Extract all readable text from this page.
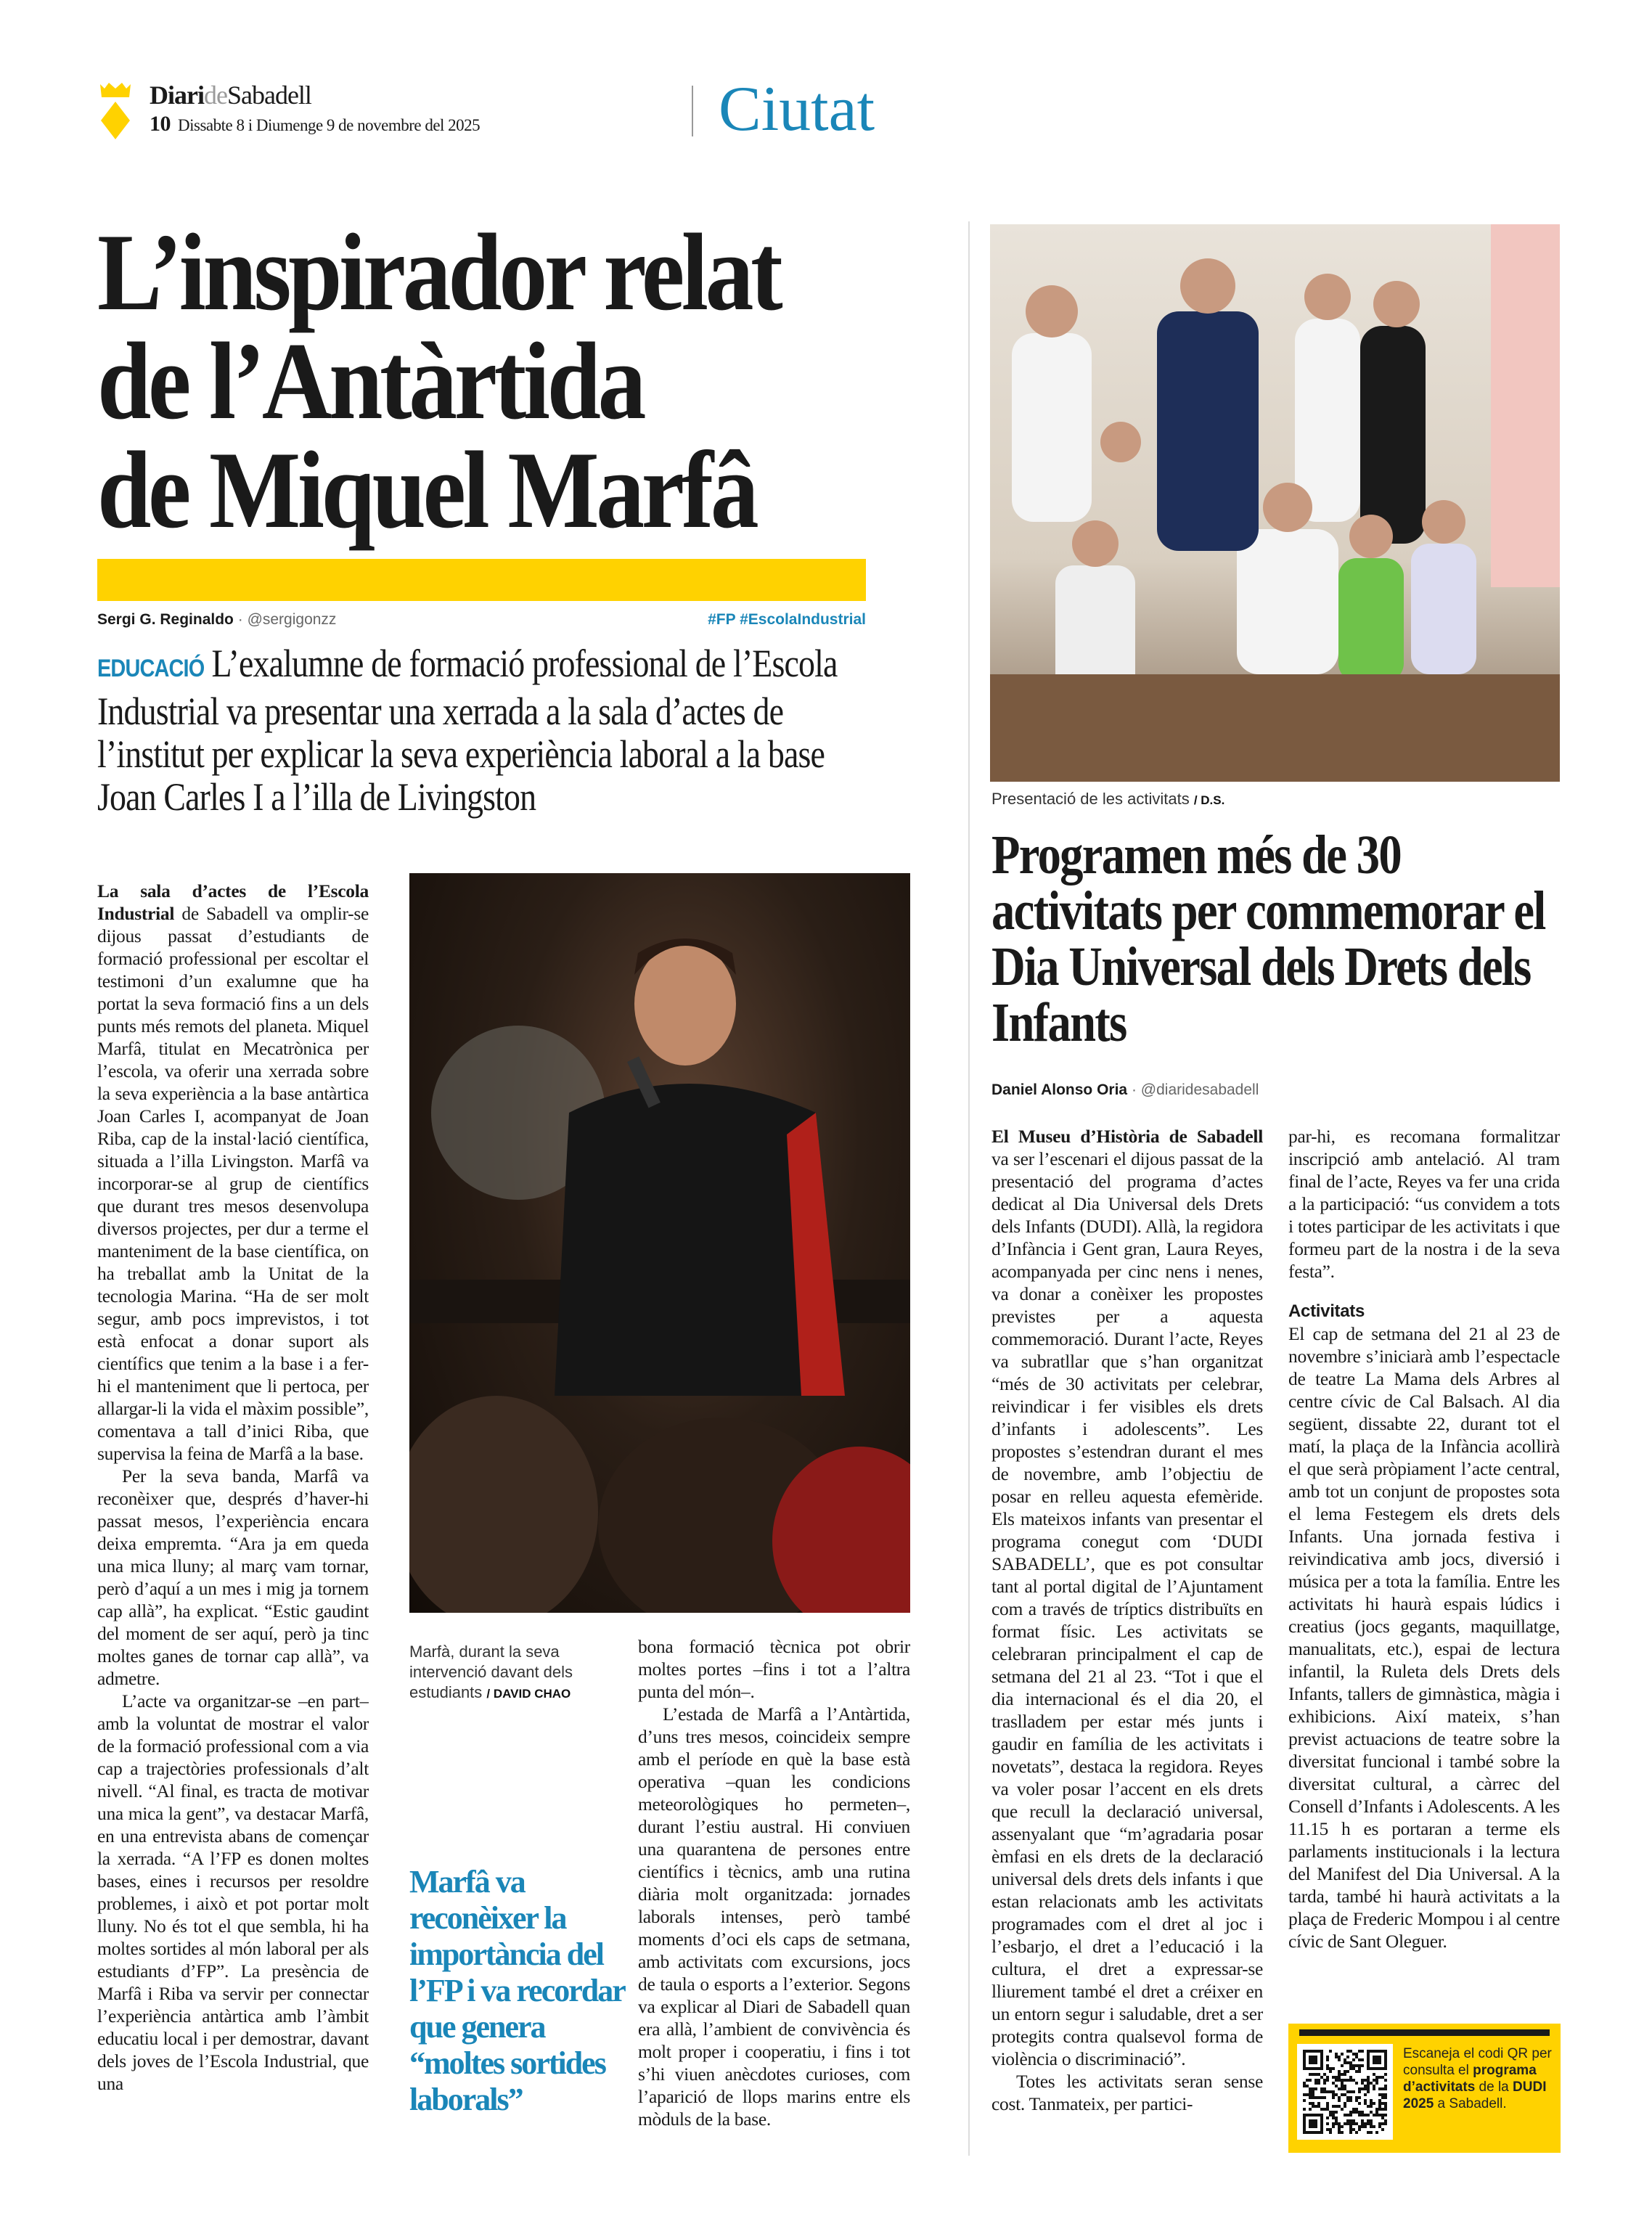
DiarideSabadell
10 Dissabte 8 i Diumenge 9 de novembre del 2025	Ciutat
L’inspirador relat
de l’Antàrtida
de Miquel Marfâ
Sergi G. Reginaldo · @sergigonzz	#FP #EscolaIndustrial
EDUCACIÓ L’exalumne de formació professional de l’Escola Industrial va presentar una xerrada a la sala d’actes de l’institut per explicar la seva experiència laboral a la base Joan Carles I a l’illa de Livingston

La sala d’actes de l’Escola Industrial de Sabadell va omplir-se dijous passat d’estudiants de formació professional per escoltar el testimoni d’un exalumne que ha portat la seva formació fins a un dels punts més remots del planeta. Miquel Marfâ, titulat en Mecatrònica per l’escola, va oferir una xerrada sobre la seva experiència a la base antàrtica Joan Carles I, acompanyat de Joan Riba, cap de la instal·lació científica, situada a l’illa Livingston. Marfâ va incorporar-se al grup de científics que durant tres mesos desenvolupa diversos projectes, per dur a terme el manteniment de la base científica, on ha treballat amb la Unitat de la tecnologia Marina. “Ha de ser molt segur, amb pocs imprevistos, i tot està enfocat a donar suport als científics que tenim a la base i a fer-hi el manteniment que li pertoca, per allargar-li la vida el màxim possible”, comentava a tall d’inici Riba, que supervisa la feina de Marfâ a la base.

Per la seva banda, Marfâ va reconèixer que, després d’haver-hi passat mesos, l’experiència encara deixa empremta. “Ara ja em queda una mica lluny; al març vam tornar, però d’aquí a un mes i mig ja tornem cap allà”, ha explicat. “Estic gaudint del moment de ser aquí, però ja tinc moltes ganes de tornar cap allà”, va admetre.

L’acte va organitzar-se –en part– amb la voluntat de mostrar el valor de la formació professional com a via cap a trajectòries professionals d’alt nivell. “Al final, es tracta de motivar una mica la gent”, va destacar Marfâ, en una entrevista abans de començar la xerrada. “A l’FP es donen moltes bases, eines i recursos per resoldre problemes, i això et pot portar molt lluny. No és tot el que sembla, hi ha moltes sortides al món laboral per als estudiants d’FP”. La presència de Marfâ i Riba va servir per connectar l’experiència antàrtica amb l’àmbit educatiu local i per demostrar, davant dels joves de l’Escola Industrial, que una

Marfà, durant la seva intervenció davant dels estudiants / DAVID CHAO
Marfâ va reconèixer la importància del l’FP i va recordar que genera “moltes sortides laborals”

bona formació tècnica pot obrir moltes portes –fins i tot a l’altra punta del món–.

L’estada de Marfâ a l’Antàrtida, d’uns tres mesos, coincideix sempre amb el període en què la base està operativa –quan les condicions meteorològiques ho permeten–, durant l’estiu austral. Hi conviuen una quarantena de persones entre científics i tècnics, amb una rutina diària molt organitzada: jornades laborals intenses, però també moments d’oci els caps de setmana, amb activitats com excursions, jocs de taula o esports a l’exterior. Segons va explicar al Diari de Sabadell quan era allà, l’ambient de convivència és molt proper i cooperatiu, i fins i tot s’hi viuen anècdotes curioses, com l’aparició de llops marins entre els mòduls de la base.

Presentació de les activitats / D.S.
Programen més de 30 activitats per commemorar el Dia Universal dels Drets dels Infants
Daniel Alonso Oria · @diaridesabadell

El Museu d’Història de Sabadell va ser l’escenari el dijous passat de la presentació del programa d’actes dedicat al Dia Universal dels Drets dels Infants (DUDI). Allà, la regidora d’Infància i Gent gran, Laura Reyes, acompanyada per cinc nens i nenes, va donar a conèixer les propostes previstes per a aquesta commemoració. Durant l’acte, Reyes va subratllar que s’han organitzat “més de 30 activitats per celebrar, reivindicar i fer visibles els drets d’infants i adolescents”. Les propostes s’estendran durant el mes de novembre, amb l’objectiu de posar en relleu aquesta efemèride. Els mateixos infants van presentar el programa conegut com ‘DUDI SABADELL’, que es pot consultar tant al portal digital de l’Ajuntament com a través de tríptics distribuïts en format físic. Les activitats se celebraran principalment el cap de setmana del 21 al 23. “Tot i que el dia internacional és el dia 20, el traslladem per estar més junts i gaudir en família de les activitats i novetats”, destaca la regidora. Reyes va voler posar l’accent en els drets que recull la declaració universal, assenyalant que “m’agradaria posar èmfasi en els drets de la declaració universal dels drets dels infants i que estan relacionats amb les activitats programades com el dret al joc i l’esbarjo, el dret a l’educació i la cultura, el dret a expressar-se lliurement també el dret a créixer en un entorn segur i saludable, dret a ser protegits contra qualsevol forma de violència o discriminació”.

Totes les activitats seran sense cost. Tanmateix, per partici-

par-hi, es recomana formalitzar inscripció amb antelació. Al tram final de l’acte, Reyes va fer una crida a la participació: “us convidem a tots i totes participar de les activitats i que formeu part de la nostra i de la seva festa”.

Activitats

El cap de setmana del 21 al 23 de novembre s’iniciarà amb l’espectacle de teatre La Mama dels Arbres al centre cívic de Cal Balsach. Al dia següent, dissabte 22, durant tot el matí, la plaça de la Infància acollirà el que serà pròpiament l’acte central, amb tot un conjunt de propostes sota el lema Festegem els drets dels Infants. Una jornada festiva i reivindicativa amb jocs, diversió i música per a tota la família. Entre les activitats hi haurà espais lúdics i creatius (jocs gegants, maquillatge, manualitats, etc.), espai de lectura infantil, la Ruleta dels Drets dels Infants, tallers de gimnàstica, màgia i exhibicions. Així mateix, s’han previst actuacions de teatre sobre la diversitat funcional i també sobre la diversitat cultural, a càrrec del Consell d’Infants i Adolescents. A les 11.15 h es portaran a terme els parlaments institucionals i la lectura del Manifest del Dia Universal. A la tarda, també hi haurà activitats a la plaça de Frederic Mompou i al centre cívic de Sant Oleguer.

Escaneja el codi QR per consulta el programa d’activitats de la DUDI 2025 a Sabadell.
